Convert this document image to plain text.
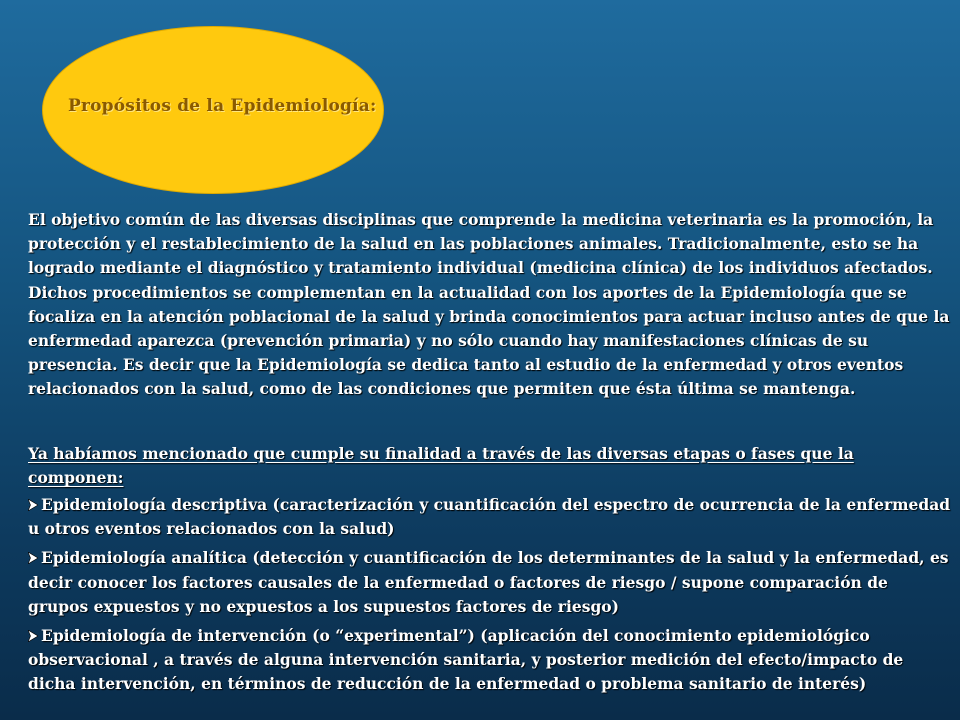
Propósitos de la Epidemiología:

El objetivo común de las diversas disciplinas que comprende la medicina veterinaria es la promoción, la protección y el restablecimiento de la salud en las poblaciones animales. Tradicionalmente, esto se ha logrado mediante el diagnóstico y tratamiento individual (medicina clínica) de los individuos afectados. Dichos procedimientos se complementan en la actualidad con los aportes de la Epidemiología que se focaliza en la atención poblacional de la salud y brinda conocimientos para actuar incluso antes de que la enfermedad aparezca (prevención primaria) y no sólo cuando hay manifestaciones clínicas de su presencia. Es decir que la Epidemiología se dedica tanto al estudio de la enfermedad y otros eventos relacionados con la salud, como de las condiciones que permiten que ésta última se mantenga.

Ya habíamos mencionado que cumple su finalidad a través de las diversas etapas o fases que la componen:

Epidemiología descriptiva (caracterización y cuantificación del espectro de ocurrencia de la enfermedad u otros eventos relacionados con la salud)
Epidemiología analítica (detección y cuantificación de los determinantes de la salud y la enfermedad, es decir conocer los factores causales de la enfermedad o factores de riesgo / supone comparación de grupos expuestos y no expuestos a los supuestos factores de riesgo)
Epidemiología de intervención (o “experimental”) (aplicación del conocimiento epidemiológico observacional , a través de alguna intervención sanitaria, y posterior medición del efecto/impacto de dicha intervención, en términos de reducción de la enfermedad o problema sanitario de interés)
